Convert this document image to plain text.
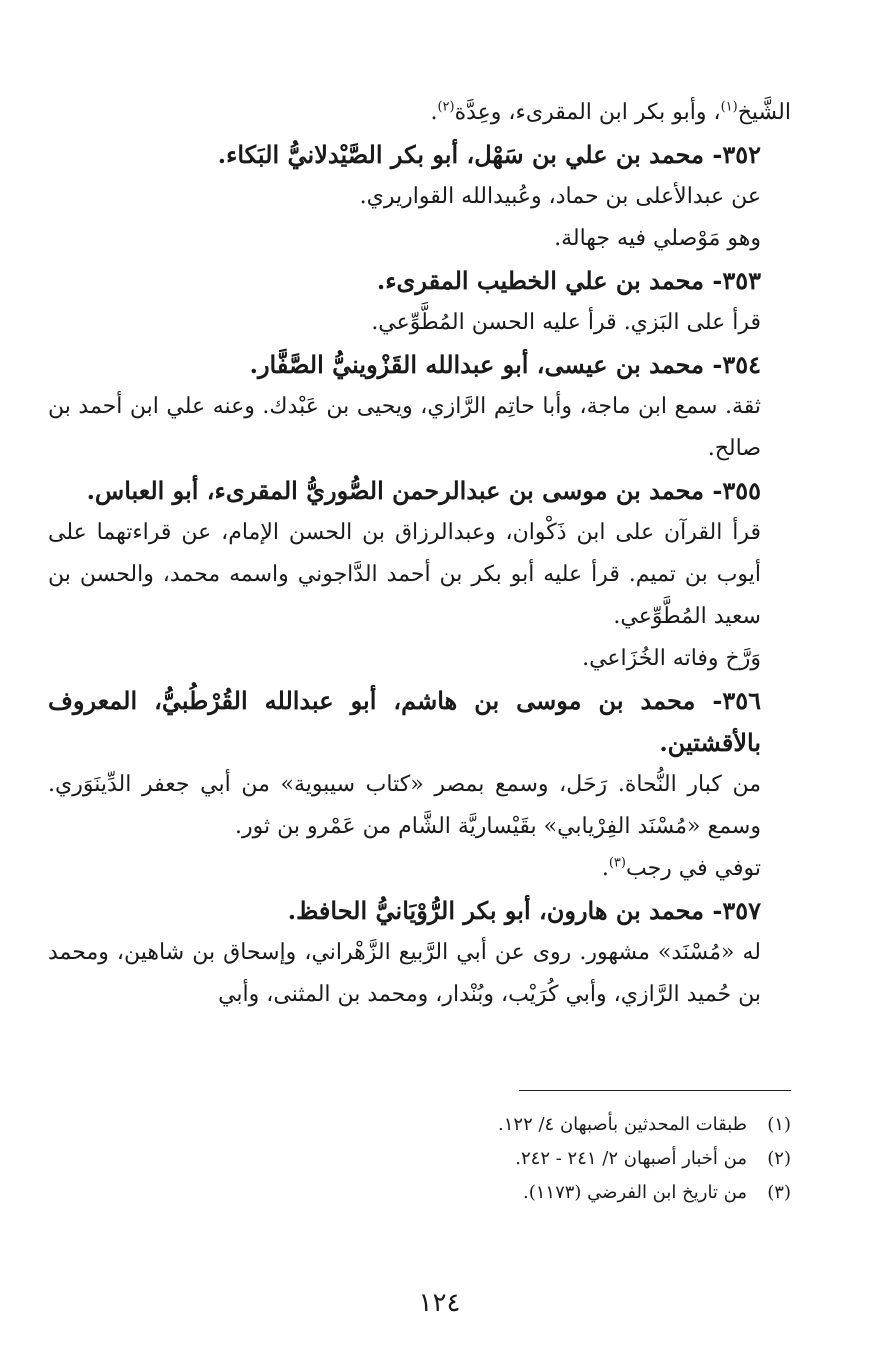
الشَّيخ$^{(١)}$، وأبو بكر ابن المقرىء، وعِدَّة$^{(٢)}$.

٣٥٢- محمد بن علي بن سَهْل، أبو بكر الصَّيْدلانيُّ البَكاء.

عن عبدالأعلى بن حماد، وعُبيدالله القواريري.

وهو مَوْصلي فيه جهالة.

٣٥٣- محمد بن علي الخطيب المقرىء.

قرأ على البَزي. قرأ عليه الحسن المُطَّوِّعي.

٣٥٤- محمد بن عيسى، أبو عبدالله القَزْوينيُّ الصَّفَّار.

ثقة. سمع ابن ماجة، وأبا حاتِم الرَّازي، ويحيى بن عَبْدك. وعنه علي ابن أحمد بن صالح.

٣٥٥- محمد بن موسى بن عبدالرحمن الصُّوريُّ المقرىء، أبو العباس.

قرأ القرآن على ابن ذَكْوان، وعبدالرزاق بن الحسن الإمام، عن قراءتهما على أيوب بن تميم. قرأ عليه أبو بكر بن أحمد الدَّاجوني واسمه محمد، والحسن بن سعيد المُطَّوِّعي.

وَرَّخ وفاته الخُزَاعي.

٣٥٦- محمد بن موسى بن هاشم، أبو عبدالله القُرْطُبيُّ، المعروف بالأقشتين.

من كبار النُّحاة. رَحَل، وسمع بمصر «كتاب سيبوية» من أبي جعفر الدِّينَوَري. وسمع «مُسْنَد الفِرْيابي» بقَيْساريَّة الشَّام من عَمْرو بن ثور.

توفي في رجب$^{(٣)}$.

٣٥٧- محمد بن هارون، أبو بكر الرُّوْيَانيُّ الحافظ.

له «مُسْنَد» مشهور. روى عن أبي الرَّبيع الزَّهْراني، وإسحاق بن شاهين، ومحمد بن حُميد الرَّازي، وأبي كُرَيْب، وبُنْدار، ومحمد بن المثنى، وأبي

(١)طبقات المحدثين بأصبهان ٤/ ١٢٢.

(٢)من أخبار أصبهان ٢/ ٢٤١ - ٢٤٢.

(٣)من تاريخ ابن الفرضي (١١٧٣).

١٢٤
